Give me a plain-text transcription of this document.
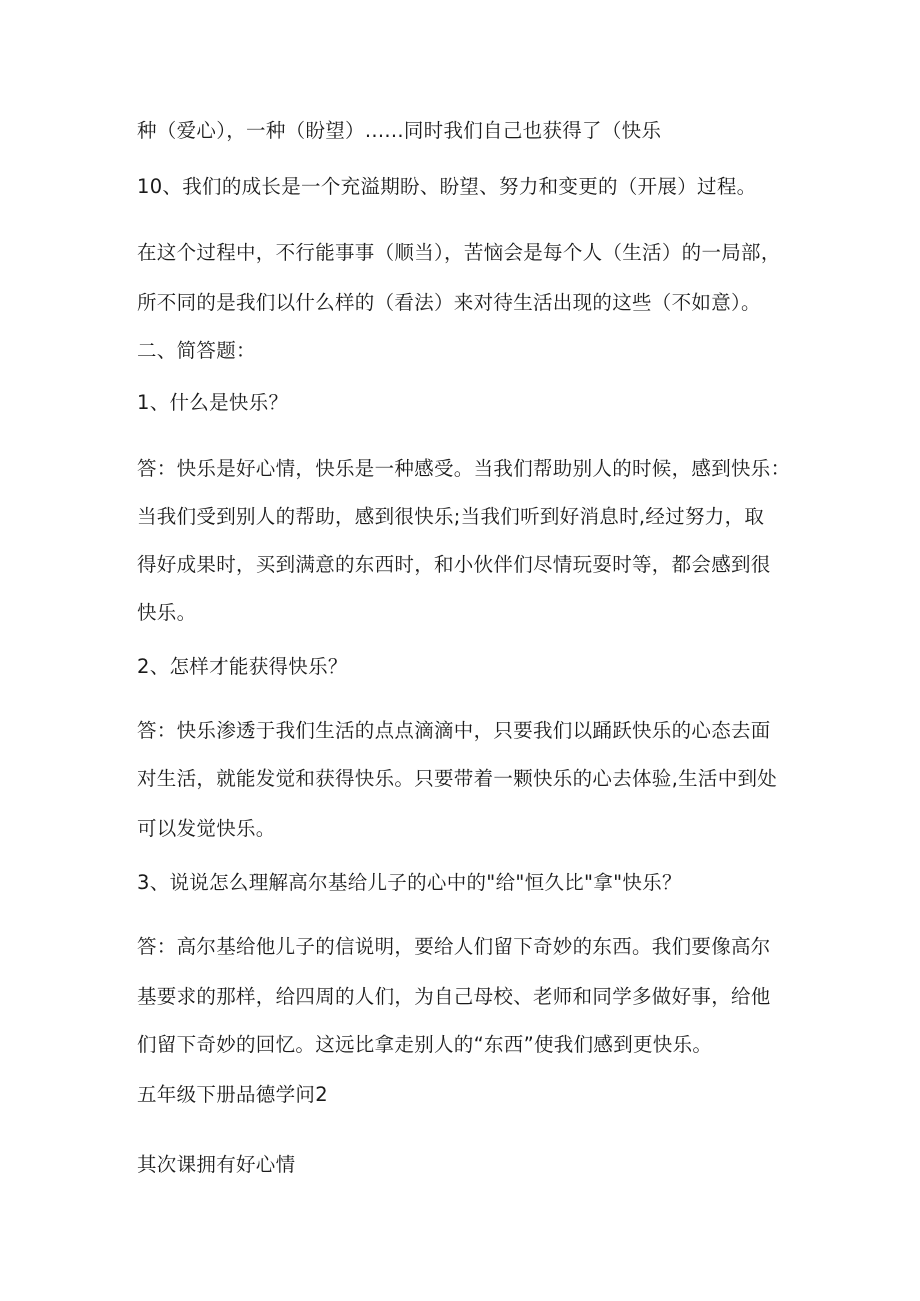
种（爱心），一种（盼望）......同时我们自己也获得了（快乐
10、我们的成长是一个充溢期盼、盼望、努力和变更的（开展）过程。
在这个过程中，不行能事事（顺当），苦恼会是每个人（生活）的一局部，
所不同的是我们以什么样的（看法）来对待生活出现的这些（不如意）。
二、简答题：
1、什么是快乐？
答：快乐是好心情，快乐是一种感受。当我们帮助别人的时候，感到快乐：
当我们受到别人的帮助，感到很快乐;当我们听到好消息时,经过努力，取
得好成果时，买到满意的东西时，和小伙伴们尽情玩耍时等，都会感到很
快乐。
2、怎样才能获得快乐？
答：快乐渗透于我们生活的点点滴滴中，只要我们以踊跃快乐的心态去面
对生活，就能发觉和获得快乐。只要带着一颗快乐的心去体验,生活中到处
可以发觉快乐。
3、说说怎么理解高尔基给儿子的心中的"给"恒久比"拿"快乐？
答：高尔基给他儿子的信说明，要给人们留下奇妙的东西。我们要像高尔
基要求的那样，给四周的人们，为自己母校、老师和同学多做好事，给他
们留下奇妙的回忆。这远比拿走别人的“东西”使我们感到更快乐。
五年级下册品德学问2
其次课拥有好心情
